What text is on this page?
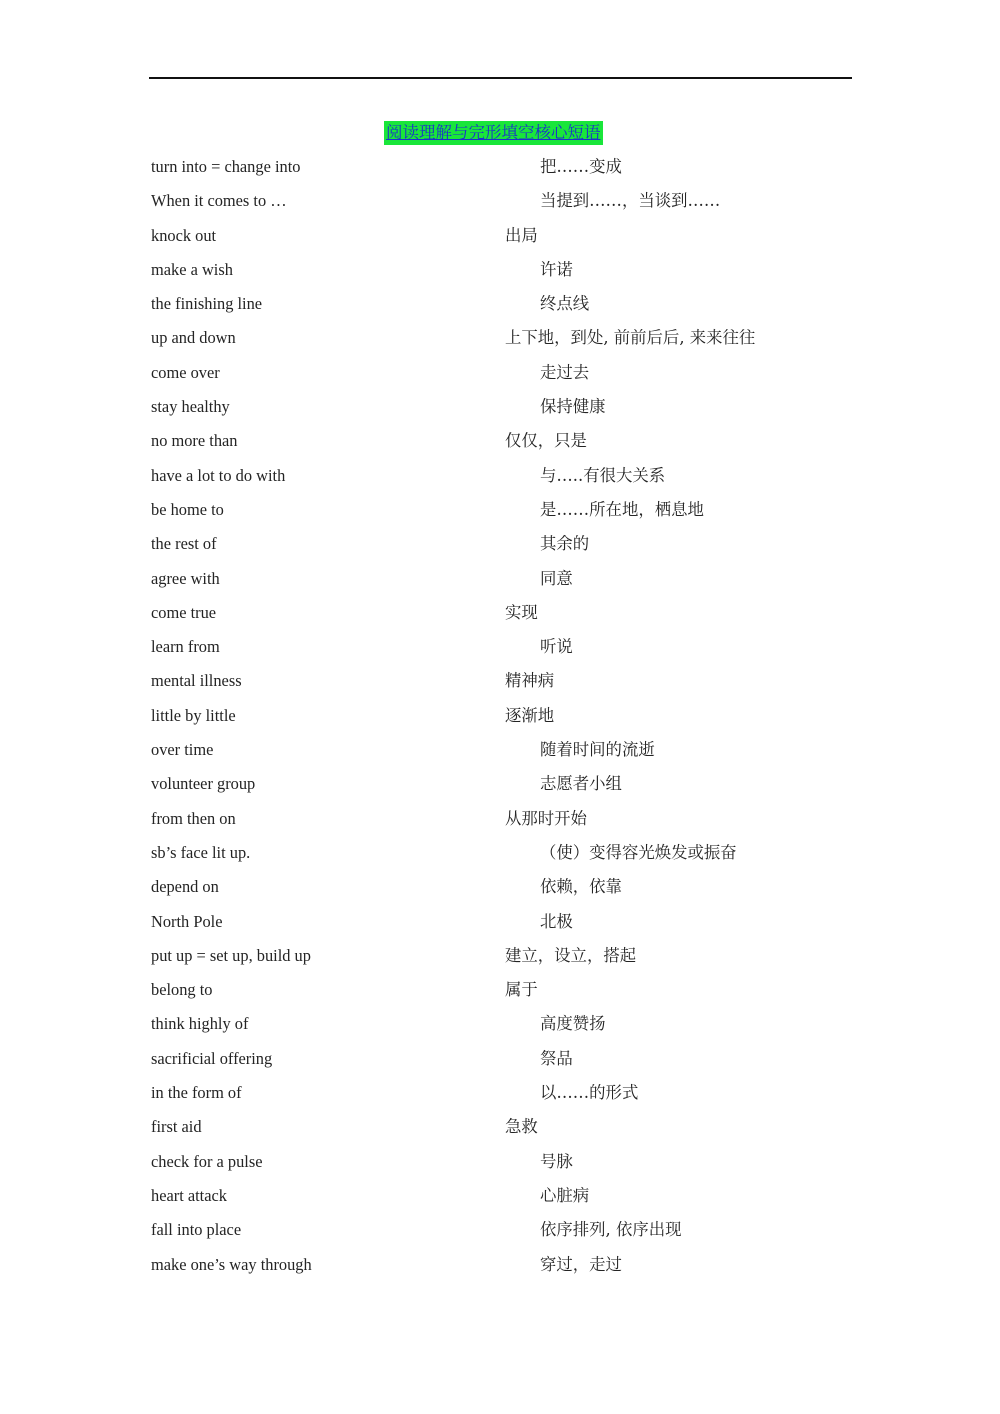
阅读理解与完形填空核心短语
turn into = change into	把……变成
When it comes to …	当提到……，当谈到……
knock out	出局
make a wish	许诺
the finishing line	终点线
up and down	上下地，到处, 前前后后, 来来往往
come over	走过去
stay healthy	保持健康
no more than	仅仅，只是
have a lot to do with	与…..有很大关系
be home to	是……所在地，栖息地
the rest of	其余的
agree with	同意
come true	实现
learn from	听说
mental illness	精神病
little by little	逐渐地
over time	随着时间的流逝
volunteer group	志愿者小组
from then on	从那时开始
sb’s face lit up.	（使）变得容光焕发或振奋
depend on	依赖，依靠
North Pole	北极
put up = set up, build up	建立，设立，搭起
belong to	属于
think highly of	高度赞扬
sacrificial offering	祭品
in the form of	以……的形式
first aid	急救
check for a pulse	号脉
heart attack	心脏病
fall into place	依序排列, 依序出现
make one’s way through	穿过，走过
